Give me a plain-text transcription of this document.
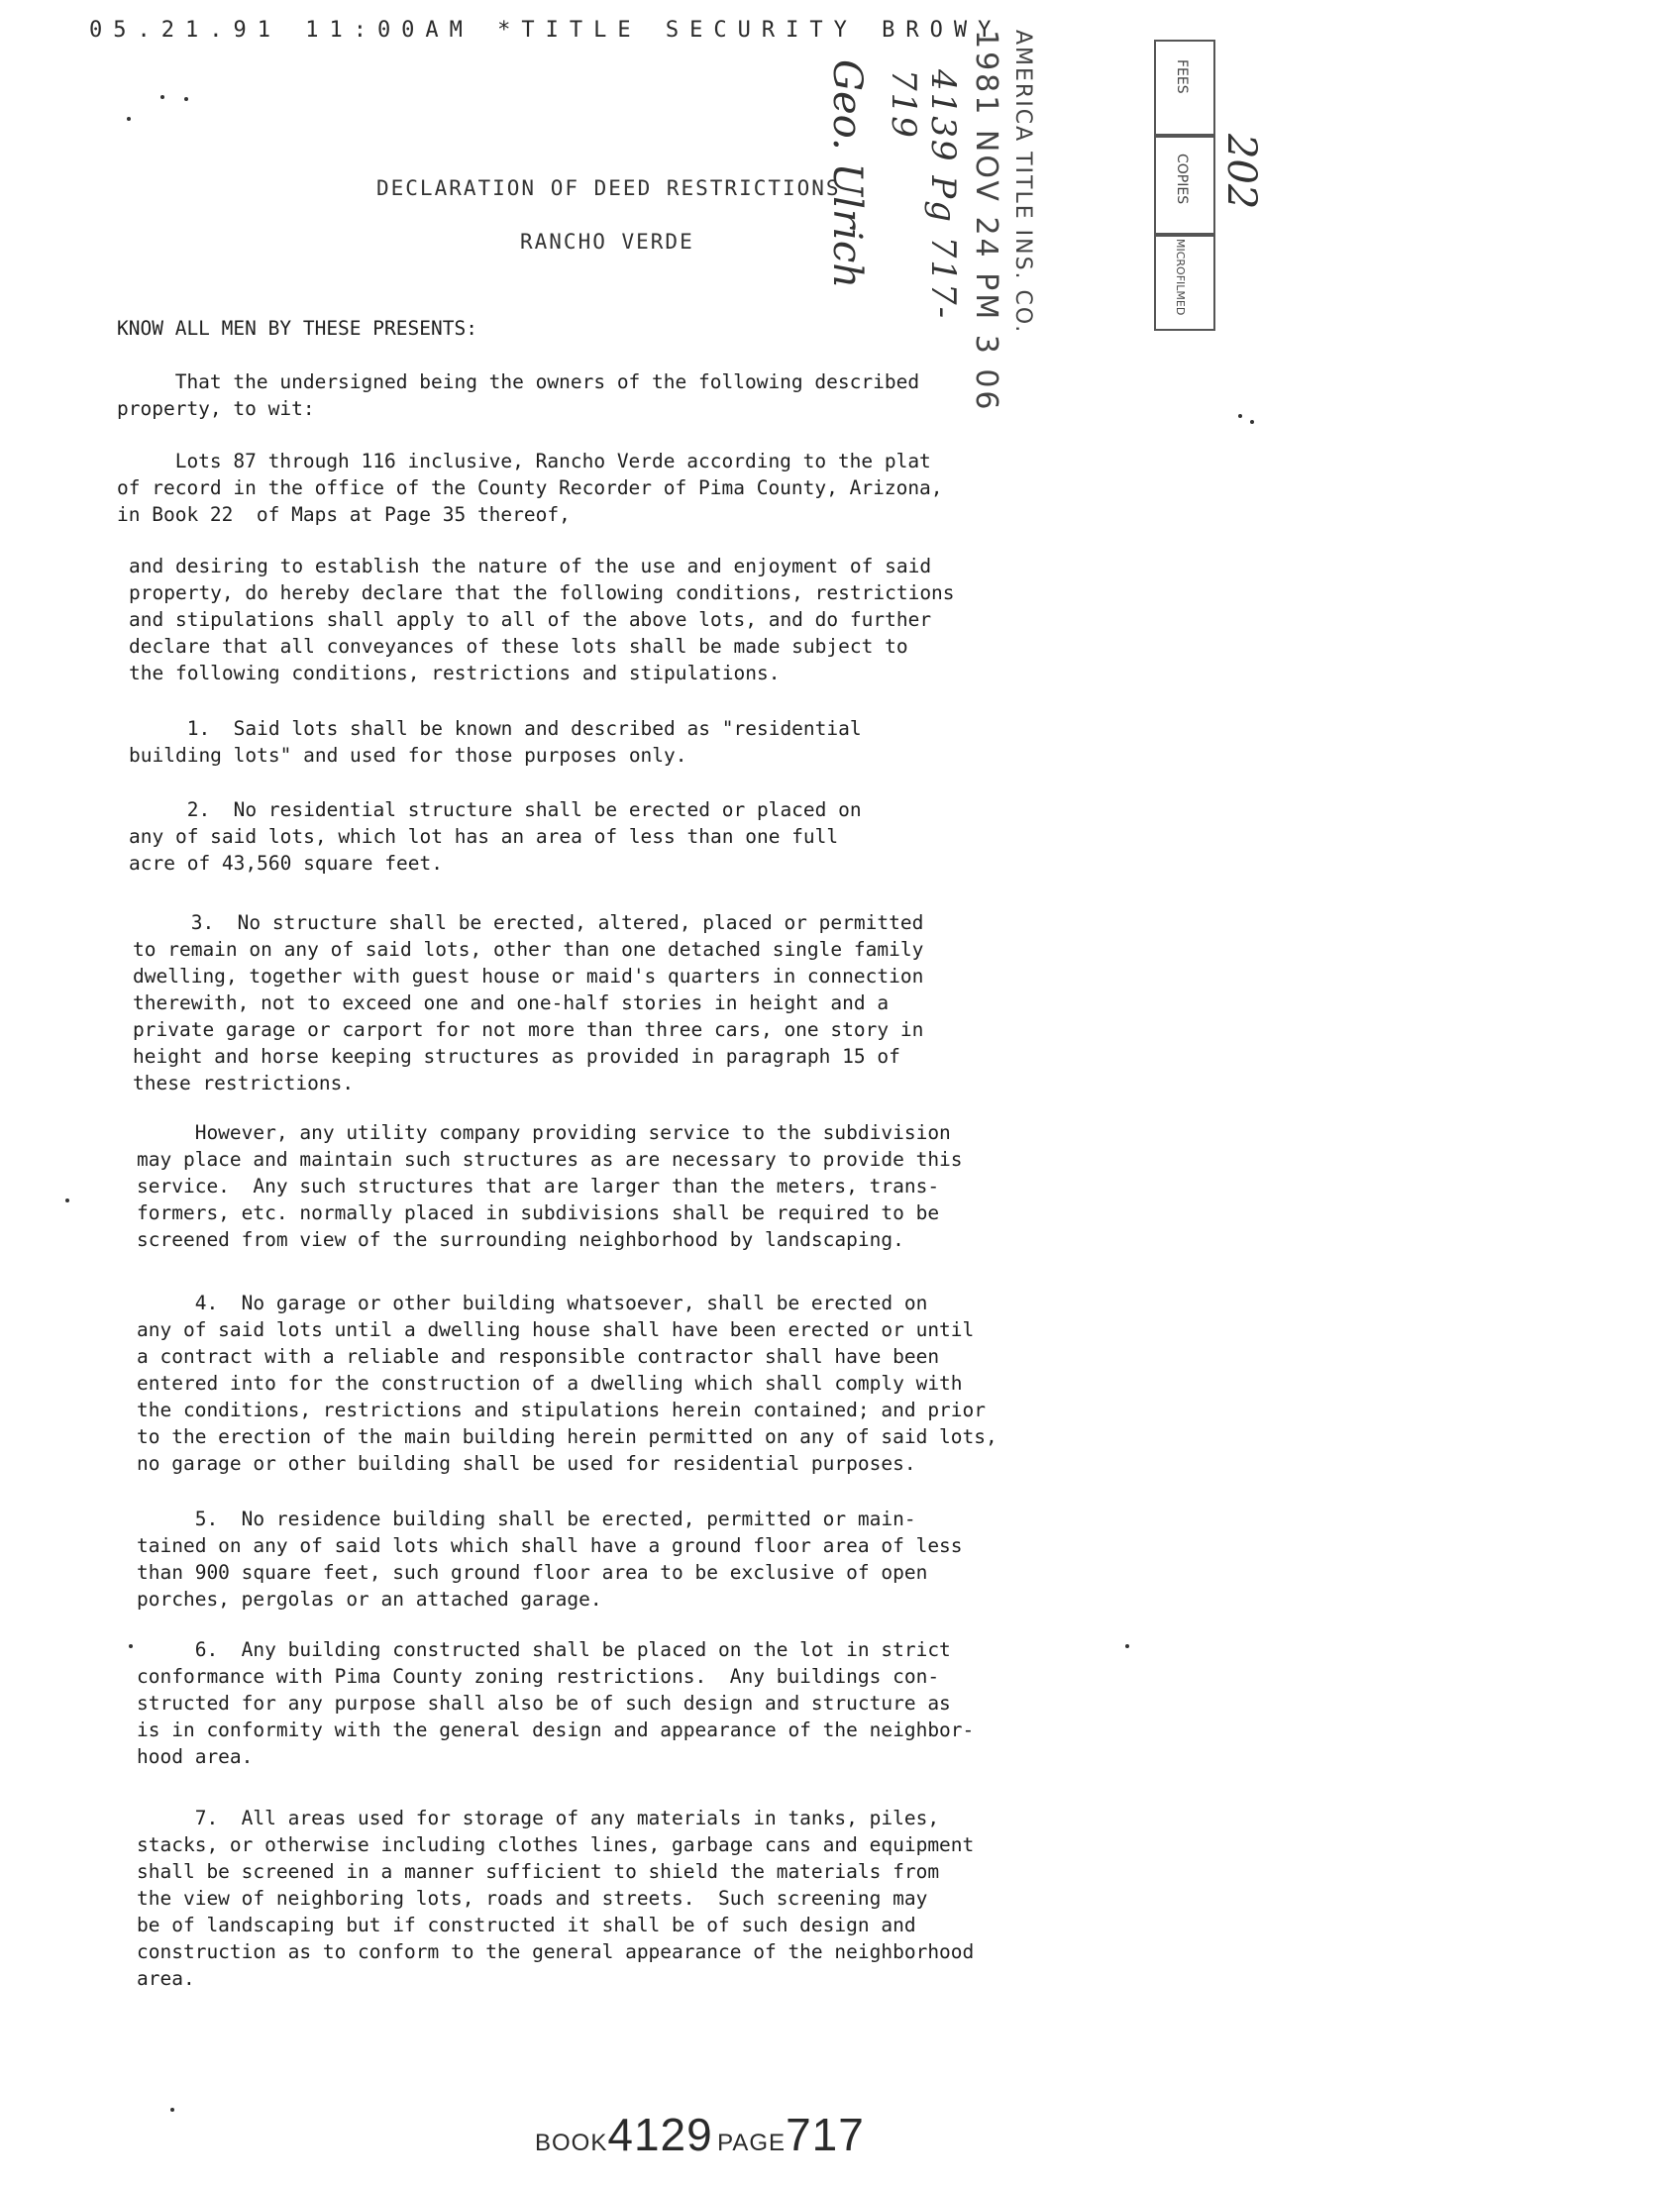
05.21.91 11:00AM *TITLE SECURITY BROWY
DECLARATION OF DEED RESTRICTIONS
RANCHO VERDE	Geo. Ulrich	4139 Pg 717-719	1981 NOV 24 PM 3 06 AMERICA TITLE INS. CO.	FEES
COPIES
MICROFILMED
202
KNOW ALL MEN BY THESE PRESENTS:
That the undersigned being the owners of the following described
property, to wit:
Lots 87 through 116 inclusive, Rancho Verde according to the plat
of record in the office of the County Recorder of Pima County, Arizona,
in Book 22  of Maps at Page 35 thereof,
and desiring to establish the nature of the use and enjoyment of said
property, do hereby declare that the following conditions, restrictions
and stipulations shall apply to all of the above lots, and do further
declare that all conveyances of these lots shall be made subject to
the following conditions, restrictions and stipulations.
1.  Said lots shall be known and described as "residential
building lots" and used for those purposes only.
2.  No residential structure shall be erected or placed on
any of said lots, which lot has an area of less than one full
acre of 43,560 square feet.
3.  No structure shall be erected, altered, placed or permitted
to remain on any of said lots, other than one detached single family
dwelling, together with guest house or maid's quarters in connection
therewith, not to exceed one and one-half stories in height and a
private garage or carport for not more than three cars, one story in
height and horse keeping structures as provided in paragraph 15 of
these restrictions.
However, any utility company providing service to the subdivision
may place and maintain such structures as are necessary to provide this
service.  Any such structures that are larger than the meters, trans-
formers, etc. normally placed in subdivisions shall be required to be
screened from view of the surrounding neighborhood by landscaping.
4.  No garage or other building whatsoever, shall be erected on
any of said lots until a dwelling house shall have been erected or until
a contract with a reliable and responsible contractor shall have been
entered into for the construction of a dwelling which shall comply with
the conditions, restrictions and stipulations herein contained; and prior
to the erection of the main building herein permitted on any of said lots,
no garage or other building shall be used for residential purposes.
5.  No residence building shall be erected, permitted or main-
tained on any of said lots which shall have a ground floor area of less
than 900 square feet, such ground floor area to be exclusive of open
porches, pergolas or an attached garage.
6.  Any building constructed shall be placed on the lot in strict
conformance with Pima County zoning restrictions.  Any buildings con-
structed for any purpose shall also be of such design and structure as
is in conformity with the general design and appearance of the neighbor-
hood area.
7.  All areas used for storage of any materials in tanks, piles,
stacks, or otherwise including clothes lines, garbage cans and equipment
shall be screened in a manner sufficient to shield the materials from
the view of neighboring lots, roads and streets.  Such screening may
be of landscaping but if constructed it shall be of such design and
construction as to conform to the general appearance of the neighborhood
area.
BOOK4129 PAGE717
